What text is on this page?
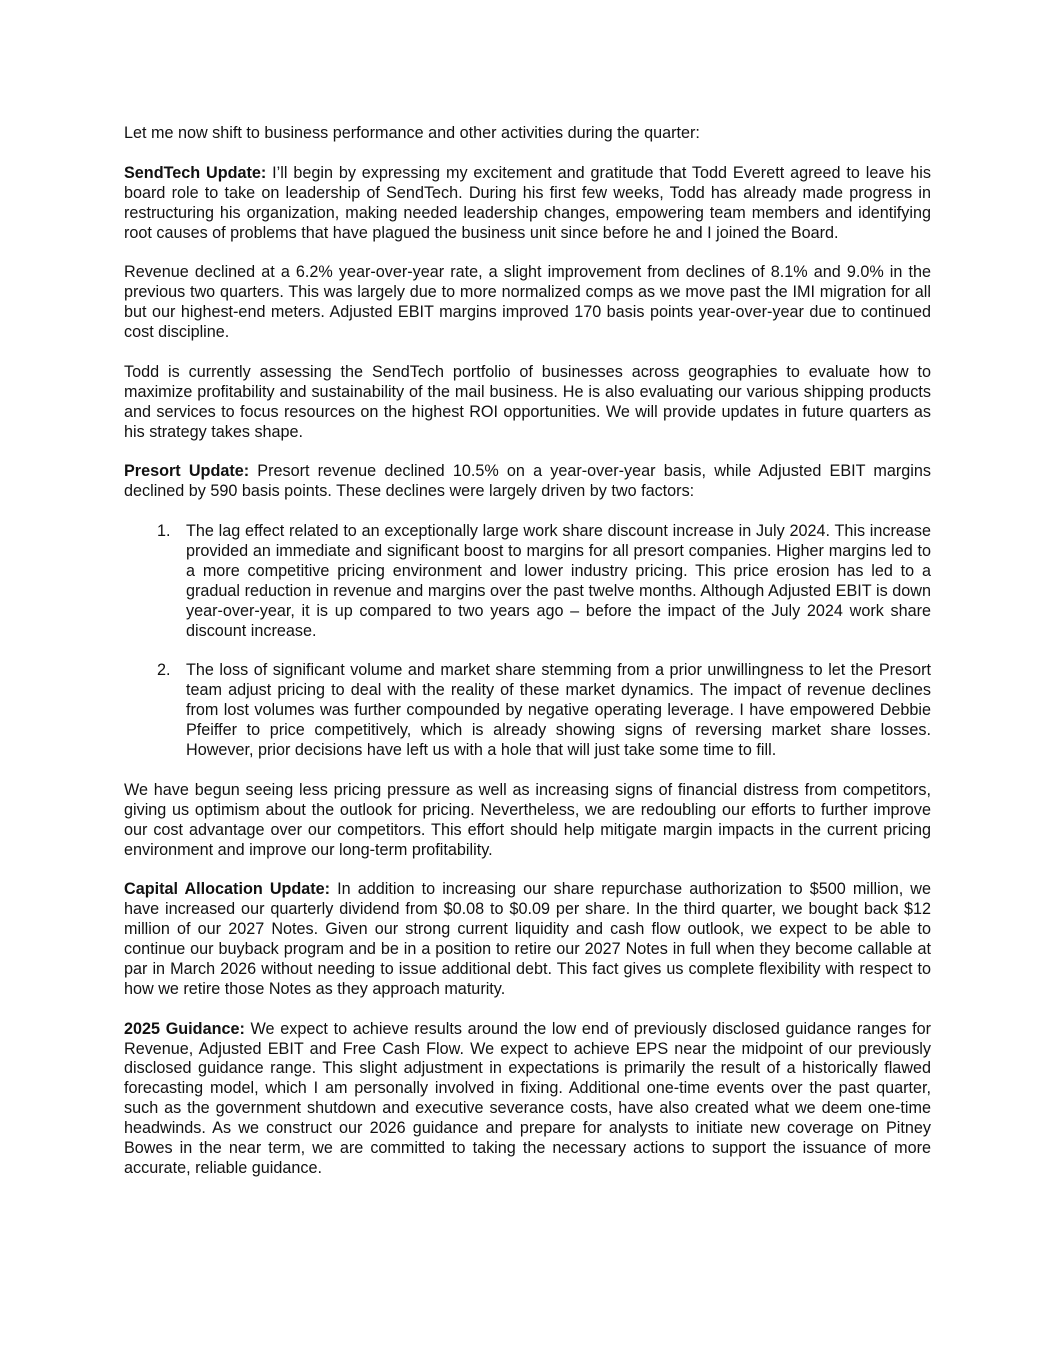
Let me now shift to business performance and other activities during the quarter:

SendTech Update: I’ll begin by expressing my excitement and gratitude that Todd Everett agreed to leave his board role to take on leadership of SendTech. During his first few weeks, Todd has already made progress in restructuring his organization, making needed leadership changes, empowering team members and identifying root causes of problems that have plagued the business unit since before he and I joined the Board.

Revenue declined at a 6.2% year-over-year rate, a slight improvement from declines of 8.1% and 9.0% in the previous two quarters. This was largely due to more normalized comps as we move past the IMI migration for all but our highest-end meters. Adjusted EBIT margins improved 170 basis points year-over-year due to continued cost discipline.

Todd is currently assessing the SendTech portfolio of businesses across geographies to evaluate how to maximize profitability and sustainability of the mail business. He is also evaluating our various shipping products and services to focus resources on the highest ROI opportunities. We will provide updates in future quarters as his strategy takes shape.

Presort Update: Presort revenue declined 10.5% on a year-over-year basis, while Adjusted EBIT margins declined by 590 basis points. These declines were largely driven by two factors:

1. The lag effect related to an exceptionally large work share discount increase in July 2024. This increase provided an immediate and significant boost to margins for all presort companies. Higher margins led to a more competitive pricing environment and lower industry pricing. This price erosion has led to a gradual reduction in revenue and margins over the past twelve months. Although Adjusted EBIT is down year-over-year, it is up compared to two years ago – before the impact of the July 2024 work share discount increase.
2. The loss of significant volume and market share stemming from a prior unwillingness to let the Presort team adjust pricing to deal with the reality of these market dynamics. The impact of revenue declines from lost volumes was further compounded by negative operating leverage. I have empowered Debbie Pfeiffer to price competitively, which is already showing signs of reversing market share losses. However, prior decisions have left us with a hole that will just take some time to fill.

We have begun seeing less pricing pressure as well as increasing signs of financial distress from competitors, giving us optimism about the outlook for pricing. Nevertheless, we are redoubling our efforts to further improve our cost advantage over our competitors. This effort should help mitigate margin impacts in the current pricing environment and improve our long-term profitability.

Capital Allocation Update: In addition to increasing our share repurchase authorization to $500 million, we have increased our quarterly dividend from $0.08 to $0.09 per share. In the third quarter, we bought back $12 million of our 2027 Notes. Given our strong current liquidity and cash flow outlook, we expect to be able to continue our buyback program and be in a position to retire our 2027 Notes in full when they become callable at par in March 2026 without needing to issue additional debt. This fact gives us complete flexibility with respect to how we retire those Notes as they approach maturity.

2025 Guidance: We expect to achieve results around the low end of previously disclosed guidance ranges for Revenue, Adjusted EBIT and Free Cash Flow. We expect to achieve EPS near the midpoint of our previously disclosed guidance range. This slight adjustment in expectations is primarily the result of a historically flawed forecasting model, which I am personally involved in fixing. Additional one-time events over the past quarter, such as the government shutdown and executive severance costs, have also created what we deem one-time headwinds. As we construct our 2026 guidance and prepare for analysts to initiate new coverage on Pitney Bowes in the near term, we are committed to taking the necessary actions to support the issuance of more accurate, reliable guidance.
